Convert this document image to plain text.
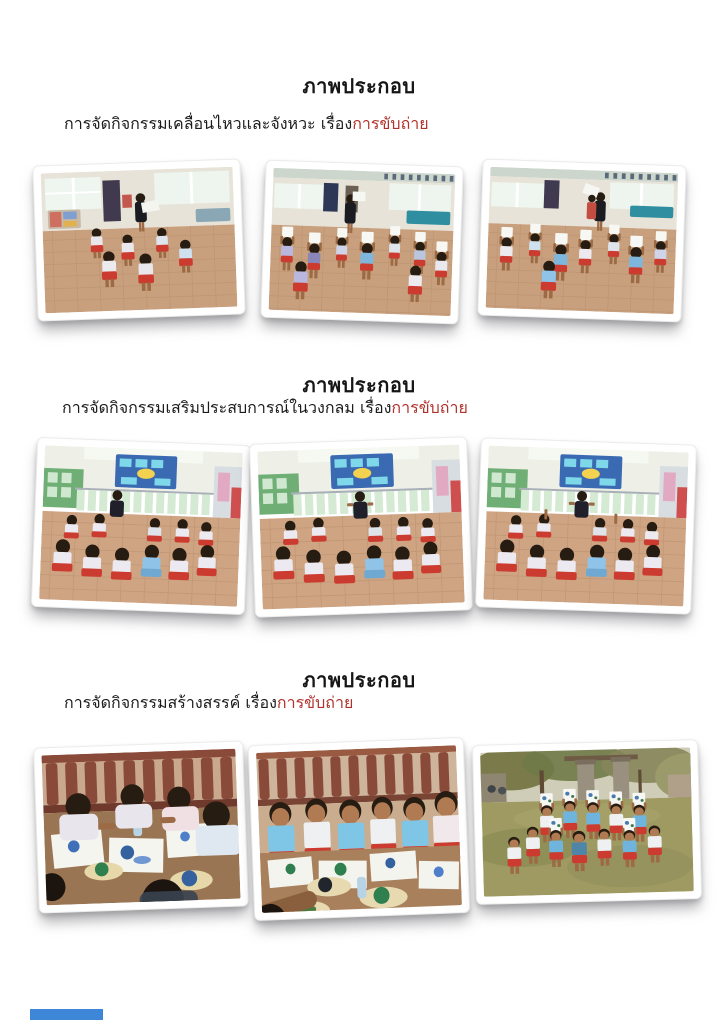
ภาพประกอบ
การจัดกิจกรรมเคลื่อนไหวและจังหวะ เรื่องการขับถ่าย
ภาพประกอบ
การจัดกิจกรรมเสริมประสบการณ์ในวงกลม เรื่องการขับถ่าย
ภาพประกอบ
การจัดกิจกรรมสร้างสรรค์ เรื่องการขับถ่าย
